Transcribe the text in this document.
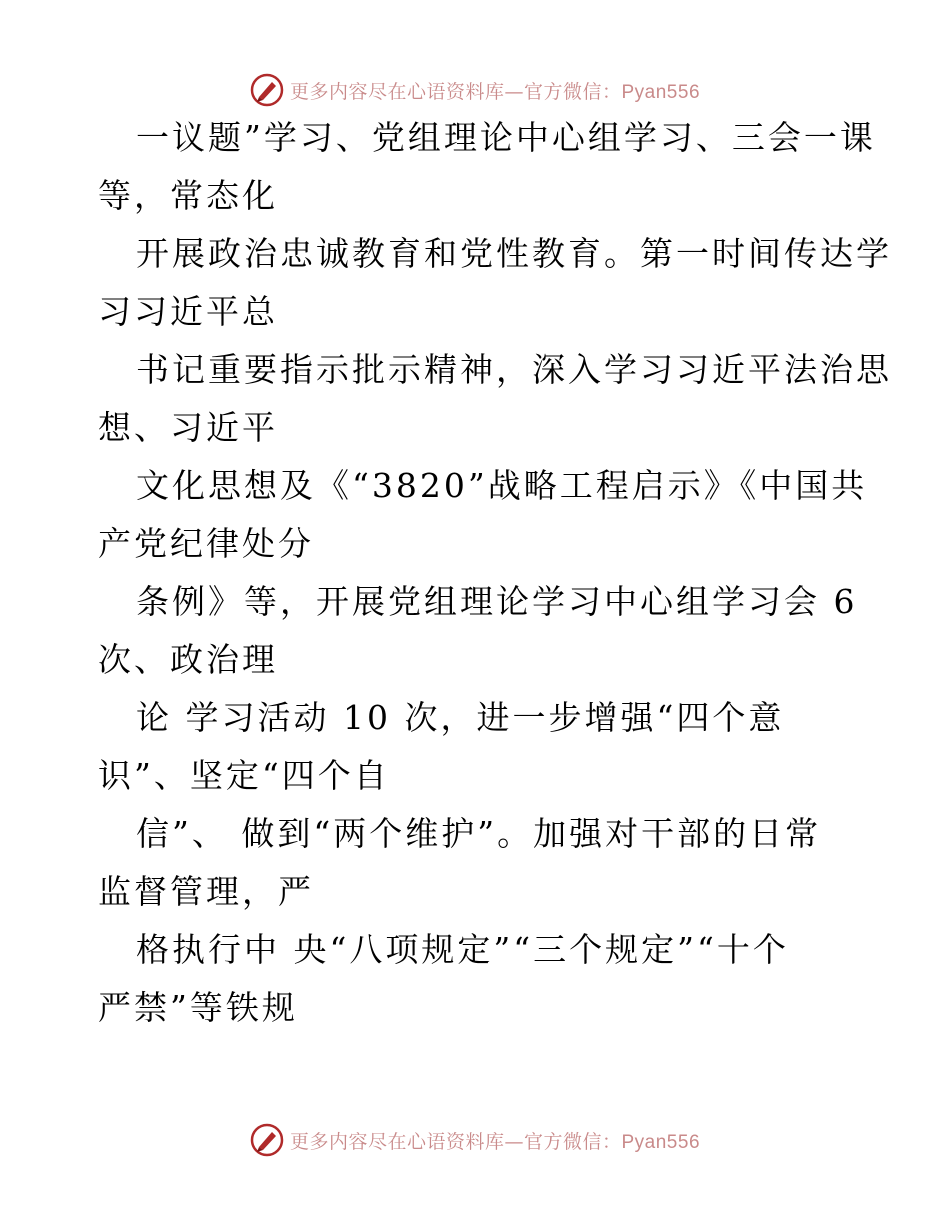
更多内容尽在心语资料库—官方微信：Pyan556
一议题”学习、党组理论中心组学习、三会一课
等，常态化
开展政治忠诚教育和党性教育。第一时间传达学
习习近平总
书记重要指示批示精神，深入学习习近平法治思
想、习近平
文化思想及《“3820”战略工程启示》《中国共
产党纪律处分
条例》等，开展党组理论学习中心组学习会 6
次、政治理
论 学习活动 10 次，进一步增强“四个意
识”、坚定“四个自
信”、 做到“两个维护”。加强对干部的日常
监督管理，严
格执行中 央“八项规定”“三个规定”“十个
严禁”等铁规
更多内容尽在心语资料库—官方微信：Pyan556
